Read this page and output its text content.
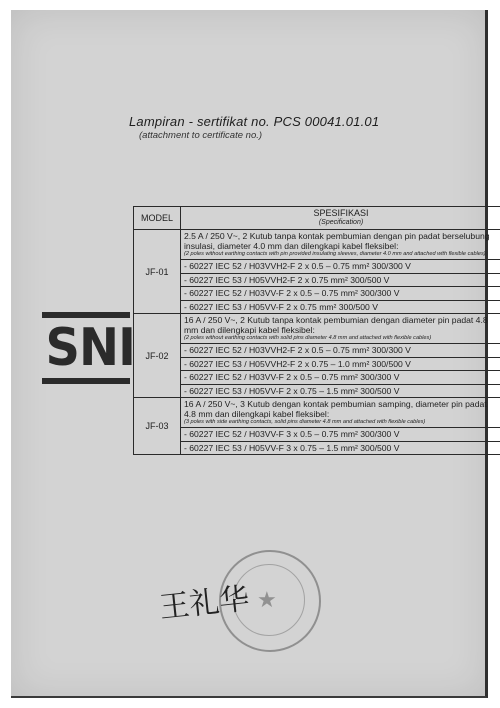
Lampiran - sertifikat no. PCS 00041.01.01
(attachment to certificate no.)
SNI
MODEL	SPESIFIKASI
(Specification)

JF-01	2.5 A / 250 V~, 2 Kutub tanpa kontak pembumian dengan pin padat berselubung insulasi, diameter 4.0 mm dan dilengkapi kabel fleksibel:
(2 poles without earthing contacts with pin provided insulating sleeves, diameter 4.0 mm and attached with flexible cables)

	- 60227 IEC 52 / H03VVH2-F 2 x 0.5 – 0.75 mm² 300/300 V
	- 60227 IEC 53 / H05VVH2-F 2 x 0.75 mm² 300/500 V
	- 60227 IEC 52 / H03VV-F 2 x 0.5 – 0.75 mm² 300/300 V
	- 60227 IEC 53 / H05VV-F 2 x 0.75 mm² 300/500 V
JF-02	16 A / 250 V~, 2 Kutub tanpa kontak pembumian dengan diameter pin padat 4.8 mm dan dilengkapi kabel fleksibel:
(2 poles without earthing contacts with solid pins diameter 4.8 mm and attached with flexible cables)

	- 60227 IEC 52 / H03VVH2-F 2 x 0.5 – 0.75 mm² 300/300 V
	- 60227 IEC 53 / H05VVH2-F 2 x 0.75 – 1.0 mm² 300/500 V
	- 60227 IEC 52 / H03VV-F 2 x 0.5 – 0.75 mm² 300/300 V
	- 60227 IEC 53 / H05VV-F 2 x 0.75 – 1.5 mm² 300/500 V
JF-03	16 A / 250 V~, 3 Kutub dengan kontak pembumian samping, diameter pin padat 4.8 mm dan dilengkapi kabel fleksibel:
(3 poles with side earthing contacts, solid pins diameter 4.8 mm and attached with flexible cables)

	- 60227 IEC 52 / H03VV-F 3 x 0.5 – 0.75 mm² 300/300 V
	- 60227 IEC 53 / H05VV-F 3 x 0.75 – 1.5 mm² 300/500 V
★
王礼华
